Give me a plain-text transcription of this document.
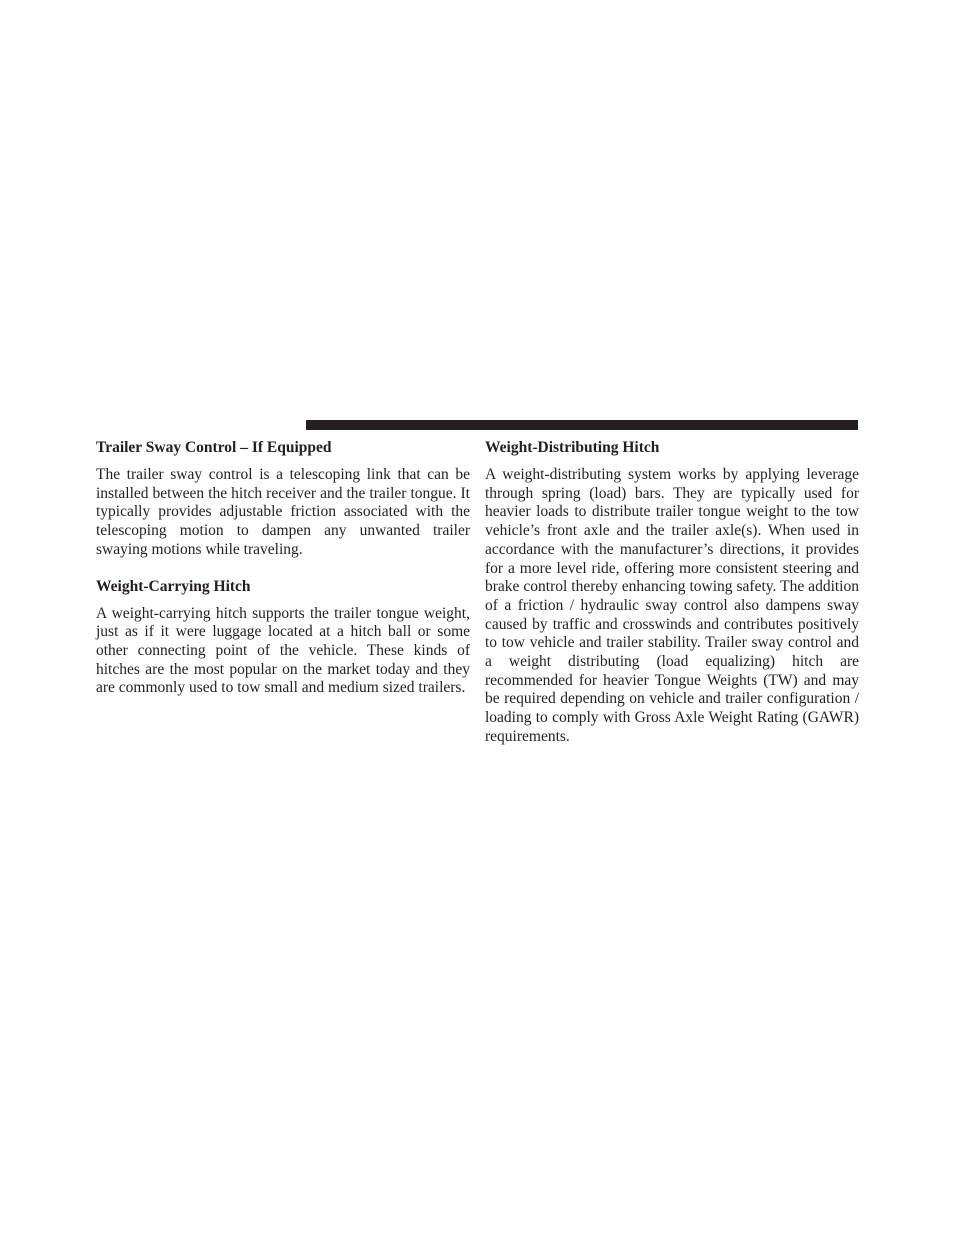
Trailer Sway Control – If Equipped

The trailer sway control is a telescoping link that can be installed between the hitch receiver and the trailer tongue. It typically provides adjustable friction associated with the telescoping motion to dampen any unwanted trailer swaying motions while traveling.

Weight-Carrying Hitch

A weight-carrying hitch supports the trailer tongue weight, just as if it were luggage located at a hitch ball or some other connecting point of the vehicle. These kinds of hitches are the most popular on the market today and they are commonly used to tow small and medium sized trailers.

Weight-Distributing Hitch

A weight-distributing system works by applying leverage through spring (load) bars. They are typically used for heavier loads to distribute trailer tongue weight to the tow vehicle’s front axle and the trailer axle(s). When used in accordance with the manufacturer’s directions, it provides for a more level ride, offering more consistent steering and brake control thereby enhancing towing safety. The addition of a friction / hydraulic sway control also dampens sway caused by traffic and crosswinds and contributes positively to tow vehicle and trailer stability. Trailer sway control and a weight distributing (load equalizing) hitch are recommended for heavier Tongue Weights (TW) and may be required depending on vehicle and trailer configuration / loading to comply with Gross Axle Weight Rating (GAWR) requirements.
